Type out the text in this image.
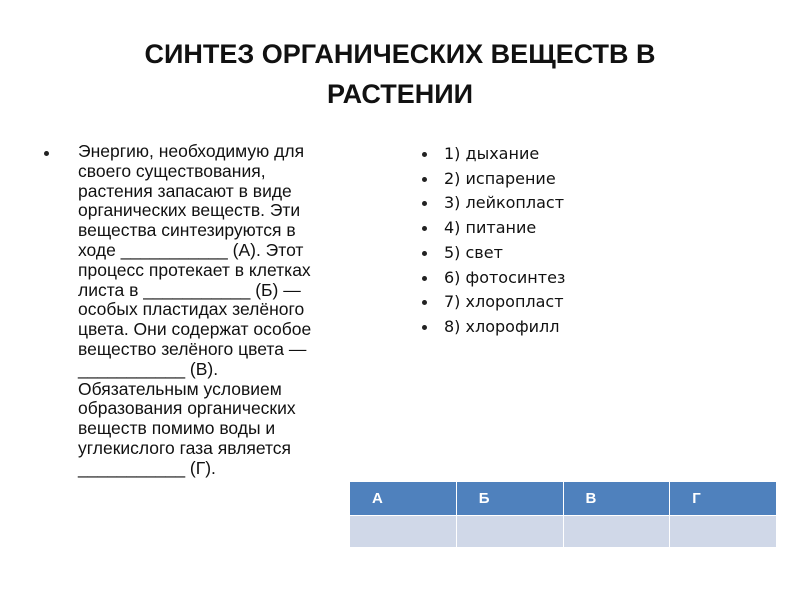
СИНТЕЗ ОРГАНИЧЕСКИХ ВЕЩЕСТВ В
РАСТЕНИИ
Энергию, необходимую для
своего существования,
растения запасают в виде
органических веществ. Эти
вещества синтезируются в
ходе ___________ (А). Этот
процесс протекает в клетках
листа в ___________ (Б) —
особых пластидах зелёного
цвета. Они содержат особое
вещество зелёного цвета —
___________ (В).
Обязательным условием
образования органических
веществ помимо воды и
углекислого газа является
___________ (Г).
1) дыхание
2) испарение
3) лейкопласт
4) питание
5) свет
6) фотосинтез
7) хлоропласт
8) хлорофилл
А	Б	В	Г
